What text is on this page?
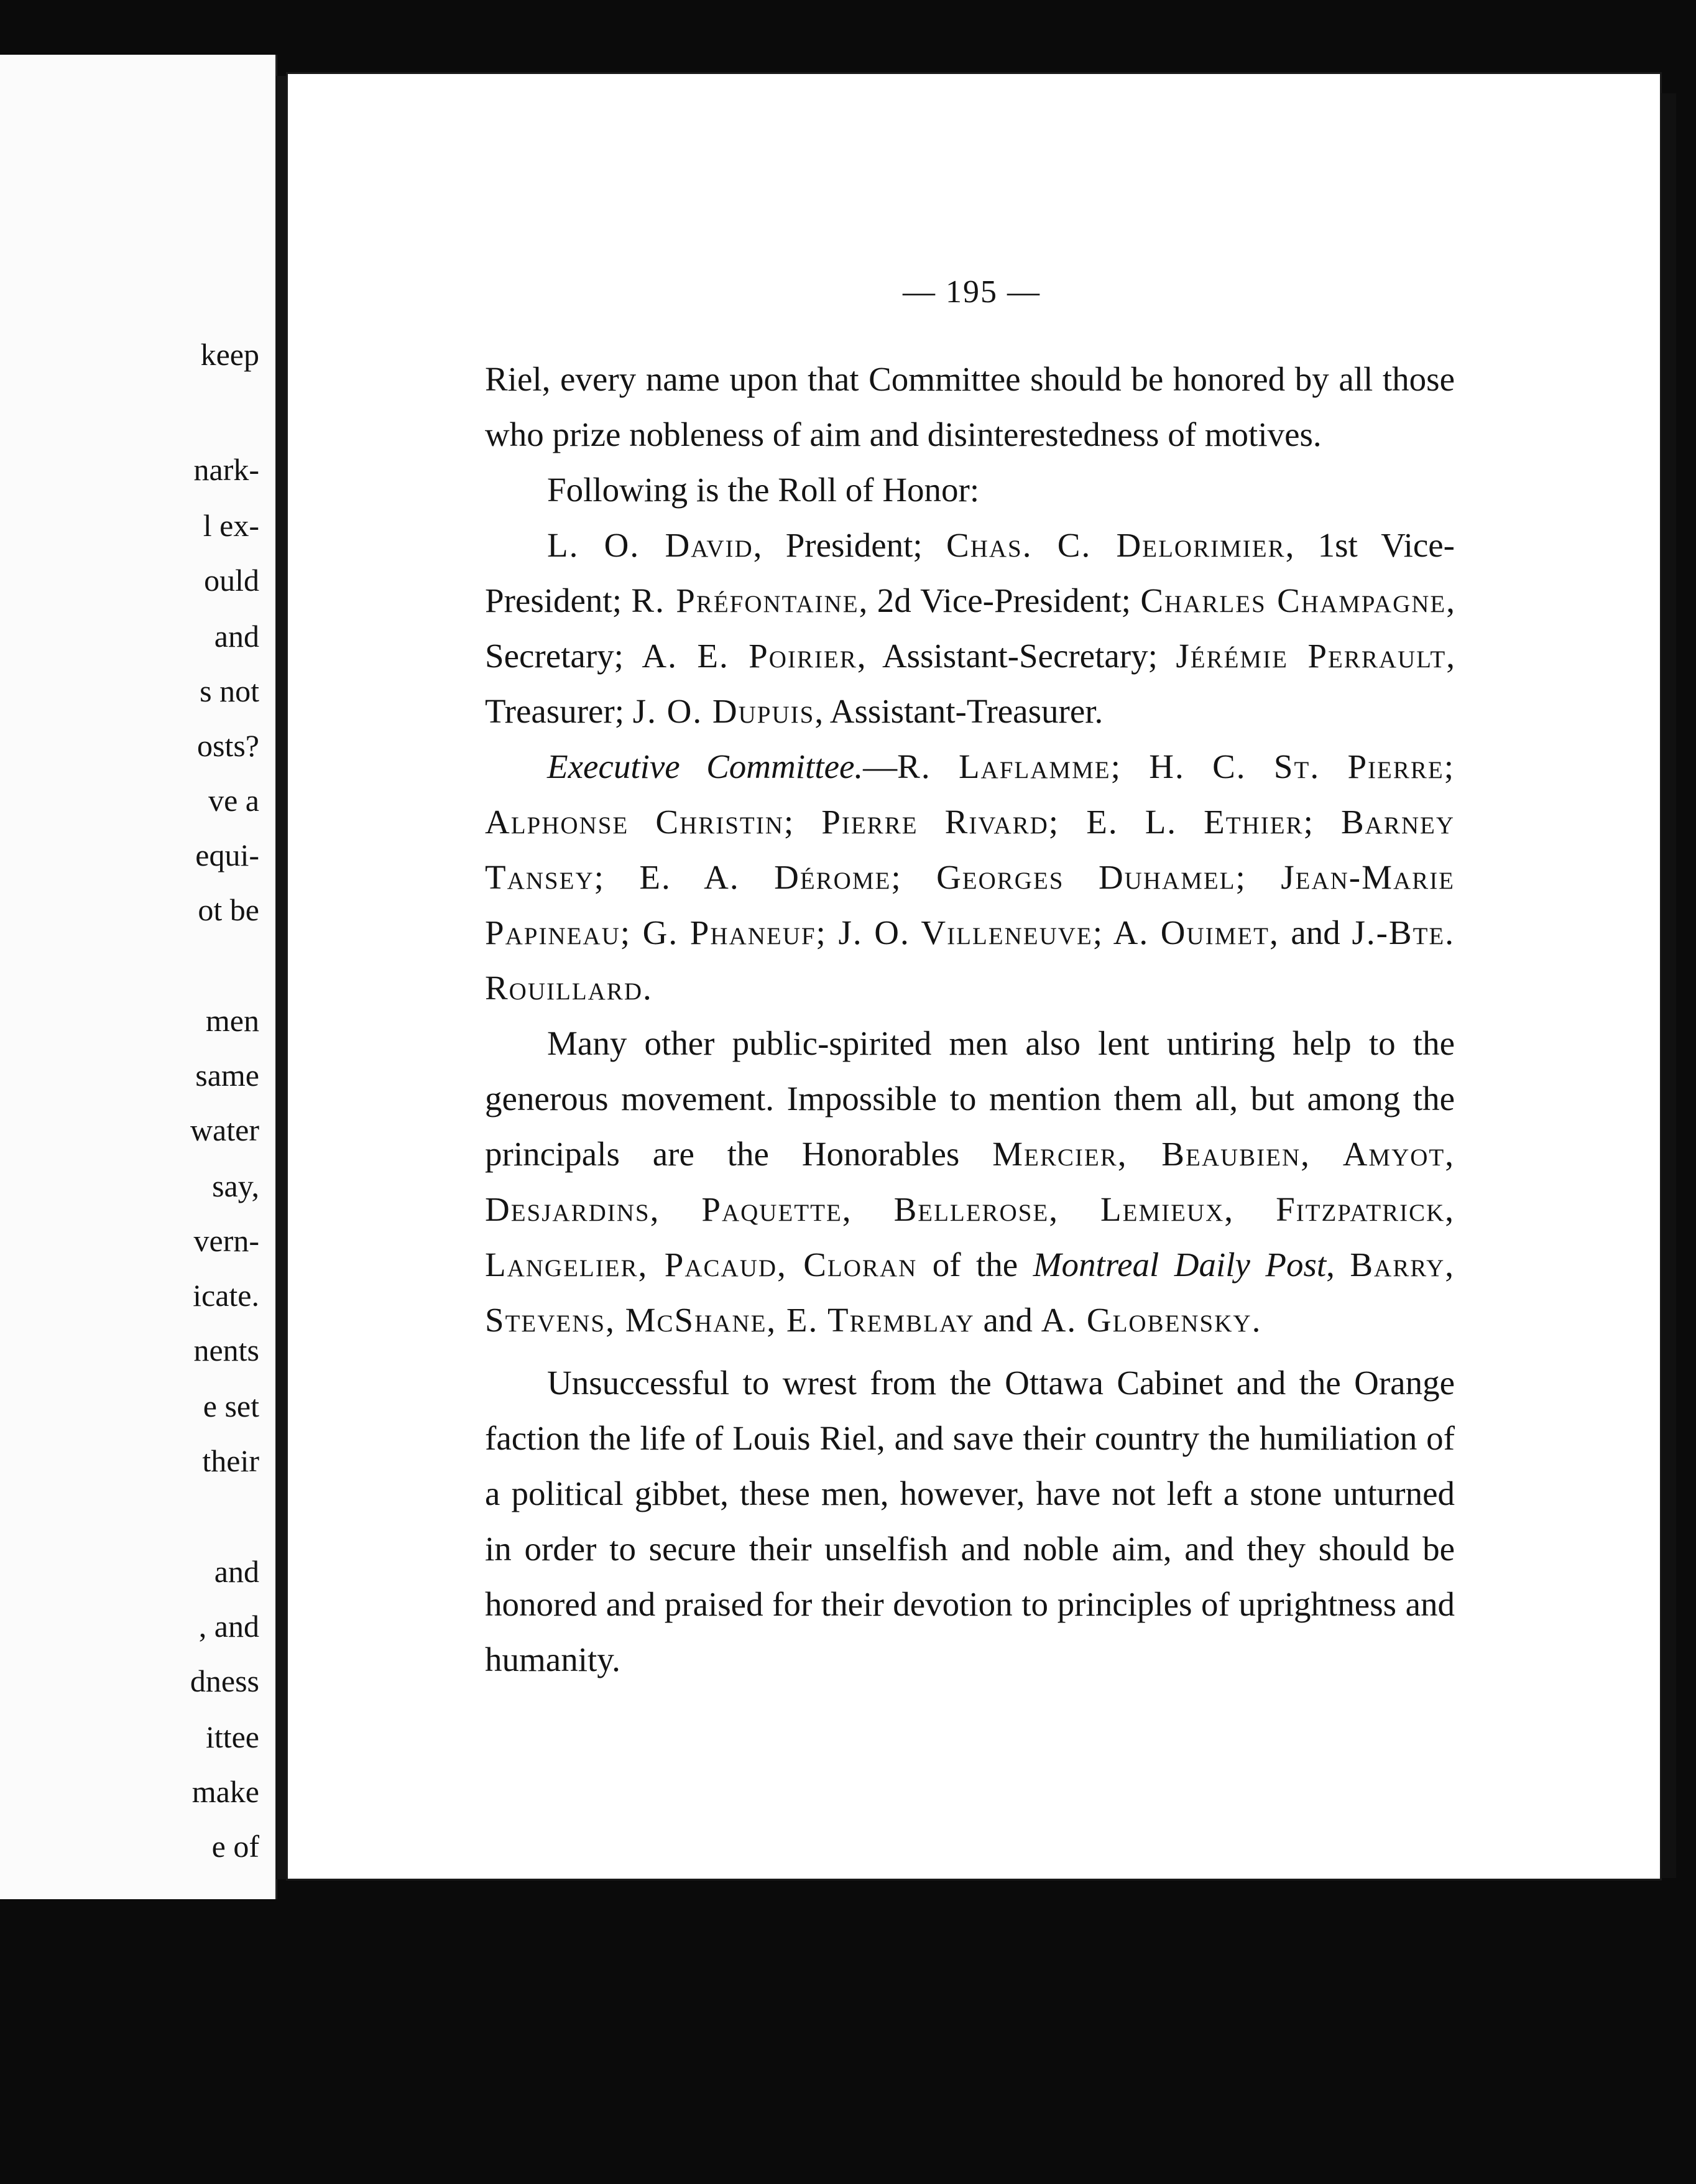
keep
nark-
l ex-
ould
and
s not
osts?
ve a
equi-
ot be
men
same
water
say,
vern-
icate.
nents
e set
their
and
, and
dness
ittee
make
e of
— 195 —

Riel, every name upon that Committee should be honored by all those who prize nobleness of aim and disinterestedness of motives.

Following is the Roll of Honor:

L. O. David, President; Chas. C. Delorimier, 1st Vice-President; R. Préfontaine, 2d Vice-President; Charles Champagne, Secretary; A. E. Poirier, Assistant-Secretary; Jérémie Perrault, Treasurer; J. O. Dupuis, Assistant-Treasurer.

Executive Committee.—R. Laflamme; H. C. St. Pierre; Alphonse Christin; Pierre Rivard; E. L. Ethier; Barney Tansey; E. A. Dérome; Georges Duhamel; Jean-Marie Papineau; G. Phaneuf; J. O. Villeneuve; A. Ouimet, and J.-Bte. Rouillard.

Many other public-spirited men also lent untiring help to the generous movement. Impossible to mention them all, but among the principals are the Honorables Mercier, Beaubien, Amyot, Desjardins, Paquette, Bellerose, Lemieux, Fitzpatrick, Langelier, Pacaud, Cloran of the Montreal Daily Post, Barry, Stevens, McShane, E. Tremblay and A. Globensky.

Unsuccessful to wrest from the Ottawa Cabinet and the Orange faction the life of Louis Riel, and save their country the humiliation of a political gibbet, these men, however, have not left a stone unturned in order to secure their unselfish and noble aim, and they should be honored and praised for their devotion to principles of uprightness and humanity.
